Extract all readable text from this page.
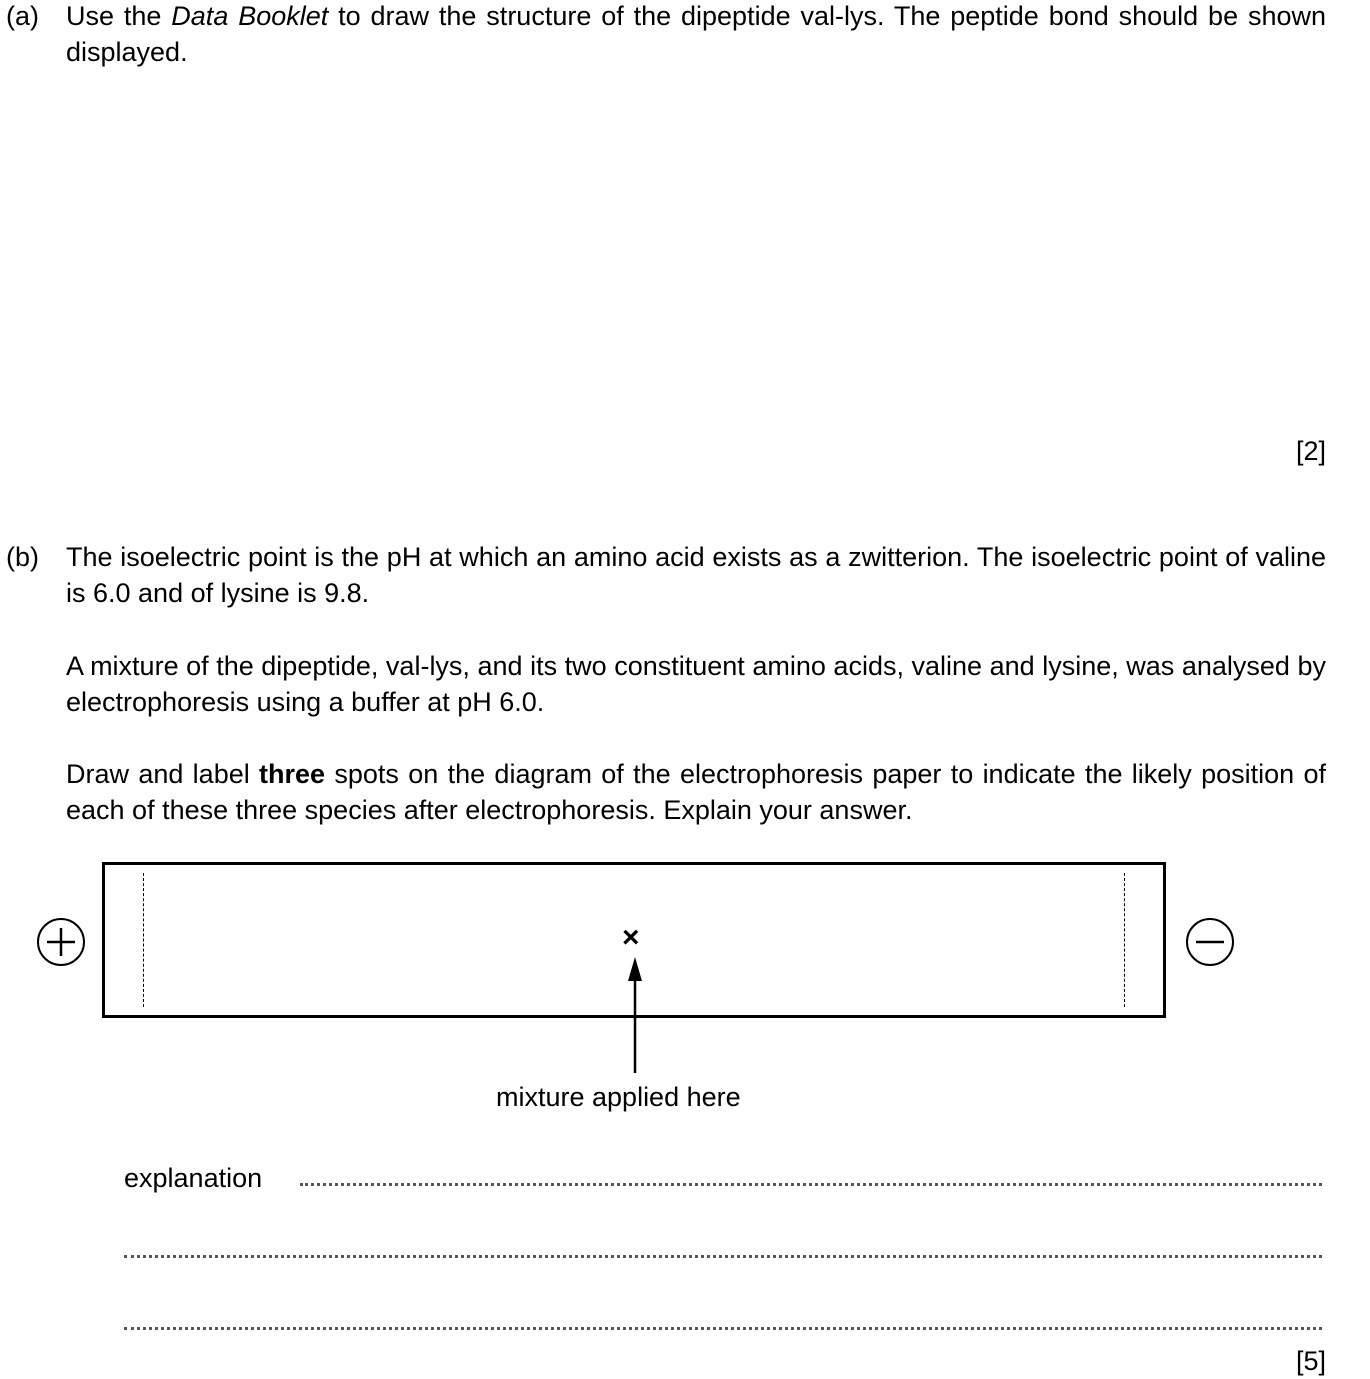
(a) Use the Data Booklet to draw the structure of the dipeptide val-lys. The peptide bond should be shown displayed.
[2]
(b) The isoelectric point is the pH at which an amino acid exists as a zwitterion. The isoelectric point of valine is 6.0 and of lysine is 9.8.
A mixture of the dipeptide, val-lys, and its two constituent amino acids, valine and lysine, was analysed by electrophoresis using a buffer at pH 6.0.
Draw and label three spots on the diagram of the electrophoresis paper to indicate the likely position of each of these three species after electrophoresis. Explain your answer.
×
mixture applied here
explanation
[5]
